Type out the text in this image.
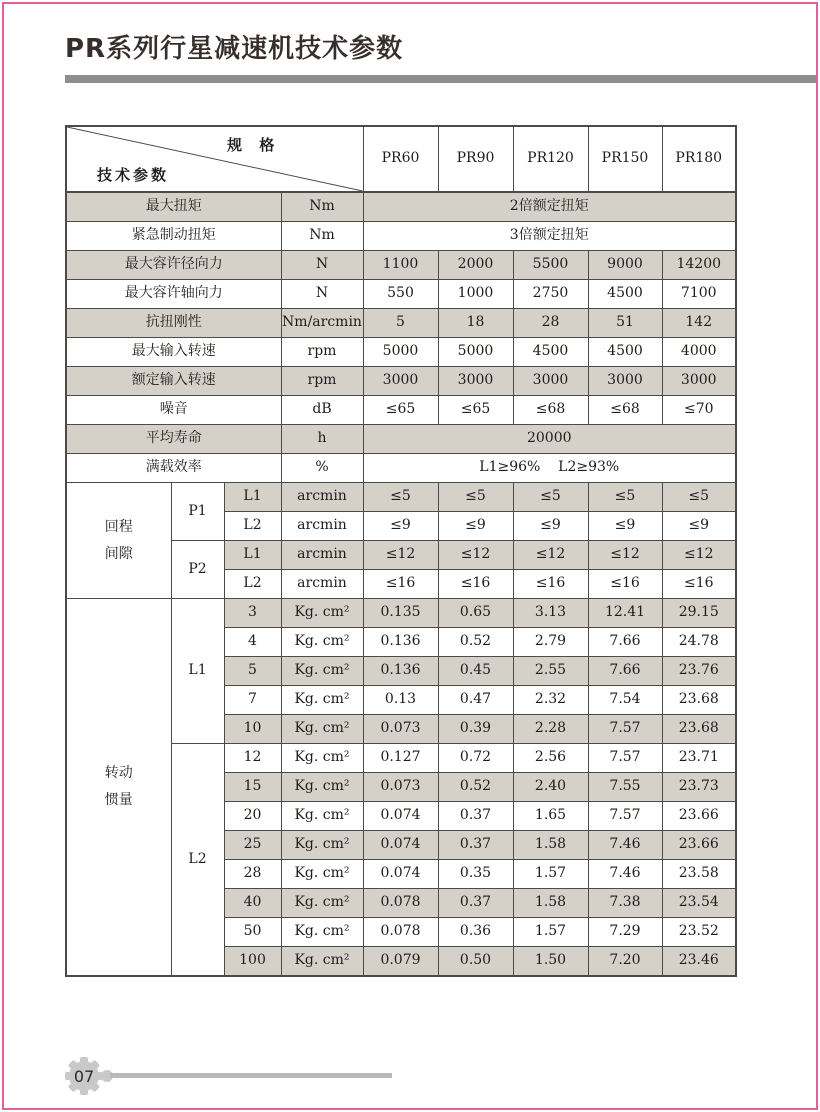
PR系列行星减速机技术参数
规 格
技术参数				PR60	PR90	PR120	PR150	PR180
最大扭矩			Nm	2倍额定扭矩				
紧急制动扭矩			Nm	3倍额定扭矩				
最大容许径向力			N	1100	2000	5500	9000	14200
最大容许轴向力			N	550	1000	2750	4500	7100
抗扭刚性			Nm/arcmin	5	18	28	51	142
最大输入转速			rpm	5000	5000	4500	4500	4000
额定输入转速			rpm	3000	3000	3000	3000	3000
噪音			dB	≤65	≤65	≤68	≤68	≤70
平均寿命			h	20000				
满载效率			%	L1≥96%    L2≥93%				
回程间隙	P1	L1	arcmin	≤5	≤5	≤5	≤5	≤5
		L2	arcmin	≤9	≤9	≤9	≤9	≤9
	P2	L1	arcmin	≤12	≤12	≤12	≤12	≤12
		L2	arcmin	≤16	≤16	≤16	≤16	≤16
转动惯量	L1	3	Kg. cm²	0.135	0.65	3.13	12.41	29.15
		4	Kg. cm²	0.136	0.52	2.79	7.66	24.78
		5	Kg. cm²	0.136	0.45	2.55	7.66	23.76
		7	Kg. cm²	0.13	0.47	2.32	7.54	23.68
		10	Kg. cm²	0.073	0.39	2.28	7.57	23.68
	L2	12	Kg. cm²	0.127	0.72	2.56	7.57	23.71
		15	Kg. cm²	0.073	0.52	2.40	7.55	23.73
		20	Kg. cm²	0.074	0.37	1.65	7.57	23.66
		25	Kg. cm²	0.074	0.37	1.58	7.46	23.66
		28	Kg. cm²	0.074	0.35	1.57	7.46	23.58
		40	Kg. cm²	0.078	0.37	1.58	7.38	23.54
		50	Kg. cm²	0.078	0.36	1.57	7.29	23.52
		100	Kg. cm²	0.079	0.50	1.50	7.20	23.46
07
